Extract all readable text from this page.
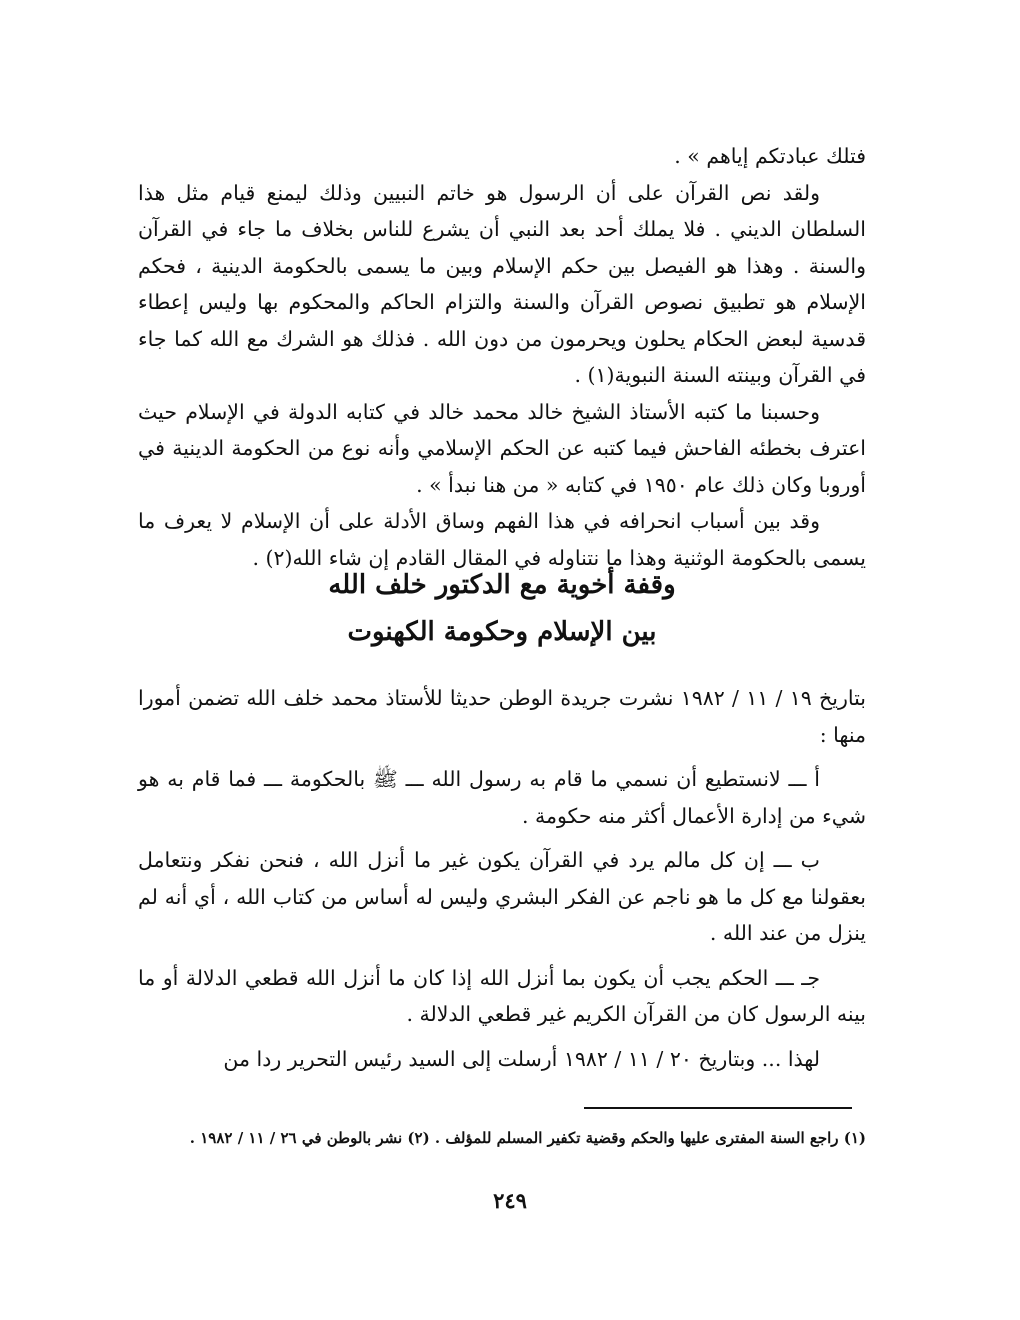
فتلك عبادتكم إياهم » .

ولقد نص القرآن على أن الرسول هو خاتم النبيين وذلك ليمنع قيام مثل هذا السلطان الديني . فلا يملك أحد بعد النبي أن يشرع للناس بخلاف ما جاء في القرآن والسنة . وهذا هو الفيصل بين حكم الإسلام وبين ما يسمى بالحكومة الدينية ، فحكم الإسلام هو تطبيق نصوص القرآن والسنة والتزام الحاكم والمحكوم بها وليس إعطاء قدسية لبعض الحكام يحلون ويحرمون من دون الله . فذلك هو الشرك مع الله كما جاء في القرآن وبينته السنة النبوية(١) .

وحسبنا ما كتبه الأستاذ الشيخ خالد محمد خالد في كتابه الدولة في الإسلام حيث اعترف بخطئه الفاحش فيما كتبه عن الحكم الإسلامي وأنه نوع من الحكومة الدينية في أوروبا وكان ذلك عام ١٩٥٠ في كتابه « من هنا نبدأ » .

وقد بين أسباب انحرافه في هذا الفهم وساق الأدلة على أن الإسلام لا يعرف ما يسمى بالحكومة الوثنية وهذا ما نتناوله في المقال القادم إن شاء الله(٢) .

وقفة أخوية مع الدكتور خلف الله
بين الإسلام وحكومة الكهنوت

بتاريخ ١٩ / ١١ / ١٩٨٢ نشرت جريدة الوطن حديثا للأستاذ محمد خلف الله تضمن أمورا منها :

أ ـــ لانستطيع أن نسمي ما قام به رسول الله ـــ ﷺ بالحكومة ـــ فما قام به هو شيء من إدارة الأعمال أكثر منه حكومة .

ب ـــ إن كل مالم يرد في القرآن يكون غير ما أنزل الله ، فنحن نفكر ونتعامل بعقولنا مع كل ما هو ناجم عن الفكر البشري وليس له أساس من كتاب الله ، أي أنه لم ينزل من عند الله .

جـ ـــ الحكم يجب أن يكون بما أنزل الله إذا كان ما أنزل الله قطعي الدلالة أو ما بينه الرسول كان من القرآن الكريم غير قطعي الدلالة .

لهذا ... وبتاريخ ٢٠ / ١١ / ١٩٨٢ أرسلت إلى السيد رئيس التحرير ردا من

(١) راجع السنة المفترى عليها والحكم وقضية تكفير المسلم للمؤلف . (٢) نشر بالوطن في ٢٦ / ١١ / ١٩٨٢ .
٢٤٩
